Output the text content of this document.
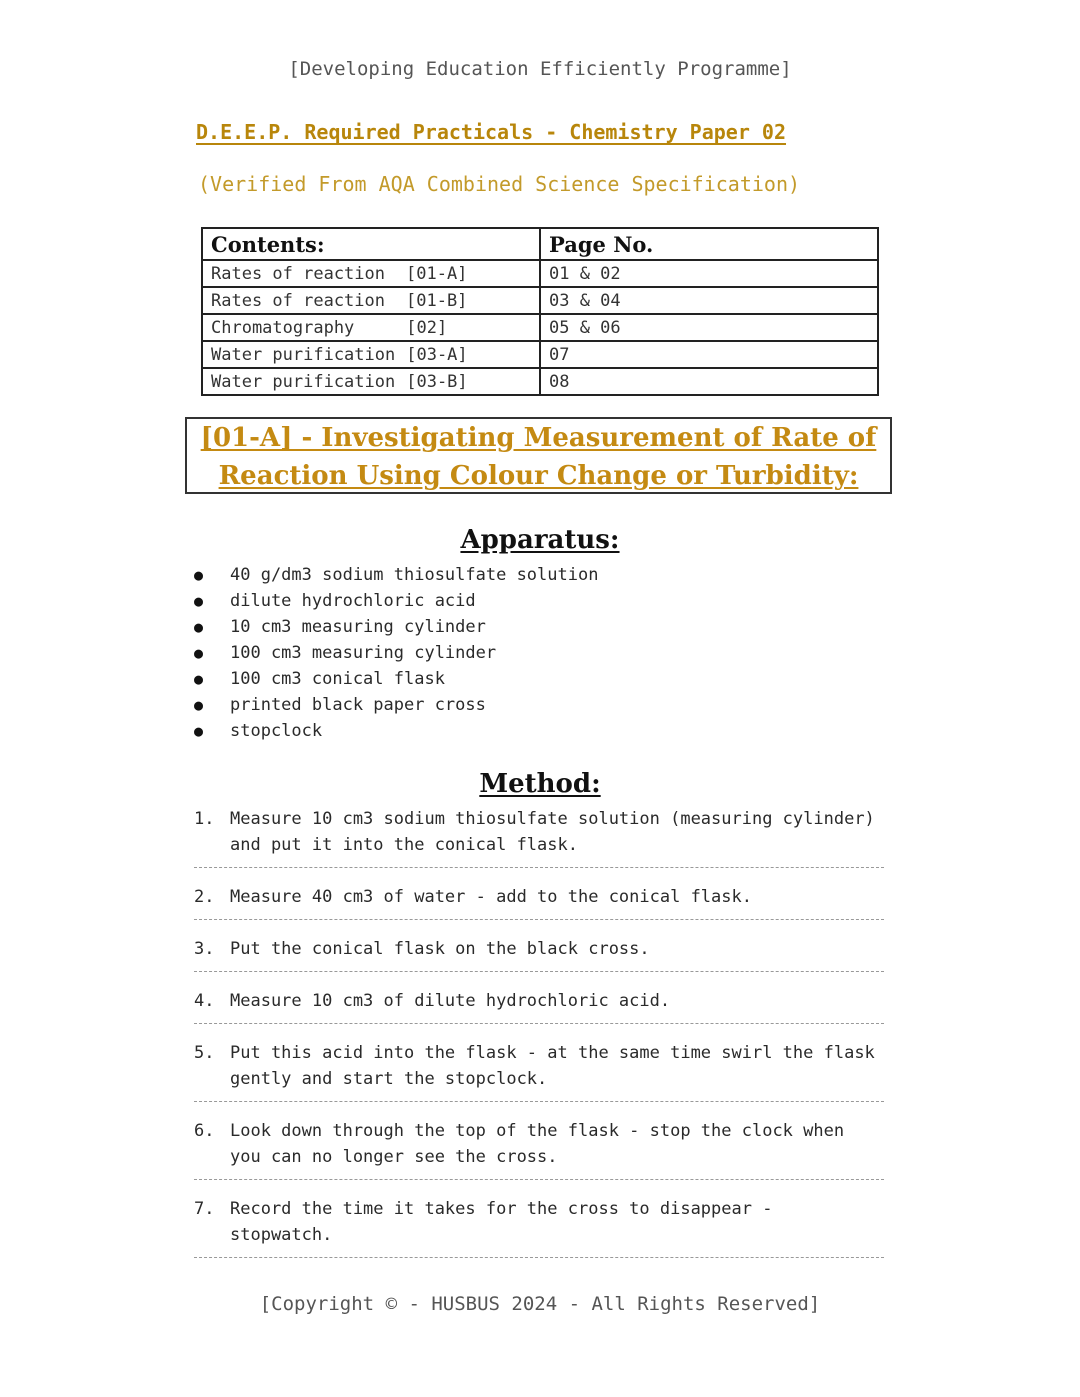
[Developing Education Efficiently Programme]
D.E.E.P. Required Practicals - Chemistry Paper 02
(Verified From AQA Combined Science Specification)
Contents:	Page No.
Rates of reaction [01-A]	01 & 02
Rates of reaction [01-B]	03 & 04
Chromatography [02]	05 & 06
Water purification [03-A]	07
Water purification [03-B]	08
[01-A] - Investigating Measurement of Rate of
Reaction Using Colour Change or Turbidity:
Apparatus:
● 40 g/dm3 sodium thiosulfate solution
● dilute hydrochloric acid
● 10 cm3 measuring cylinder
● 100 cm3 measuring cylinder
● 100 cm3 conical flask
● printed black paper cross
● stopclock
Method:
1. Measure 10 cm3 sodium thiosulfate solution (measuring cylinder) and put it into the conical flask.
2. Measure 40 cm3 of water - add to the conical flask.
3. Put the conical flask on the black cross.
4. Measure 10 cm3 of dilute hydrochloric acid.
5. Put this acid into the flask - at the same time swirl the flask gently and start the stopclock.
6. Look down through the top of the flask - stop the clock when you can no longer see the cross.
7. Record the time it takes for the cross to disappear - stopwatch.
[Copyright © - HUSBUS 2024 - All Rights Reserved]
